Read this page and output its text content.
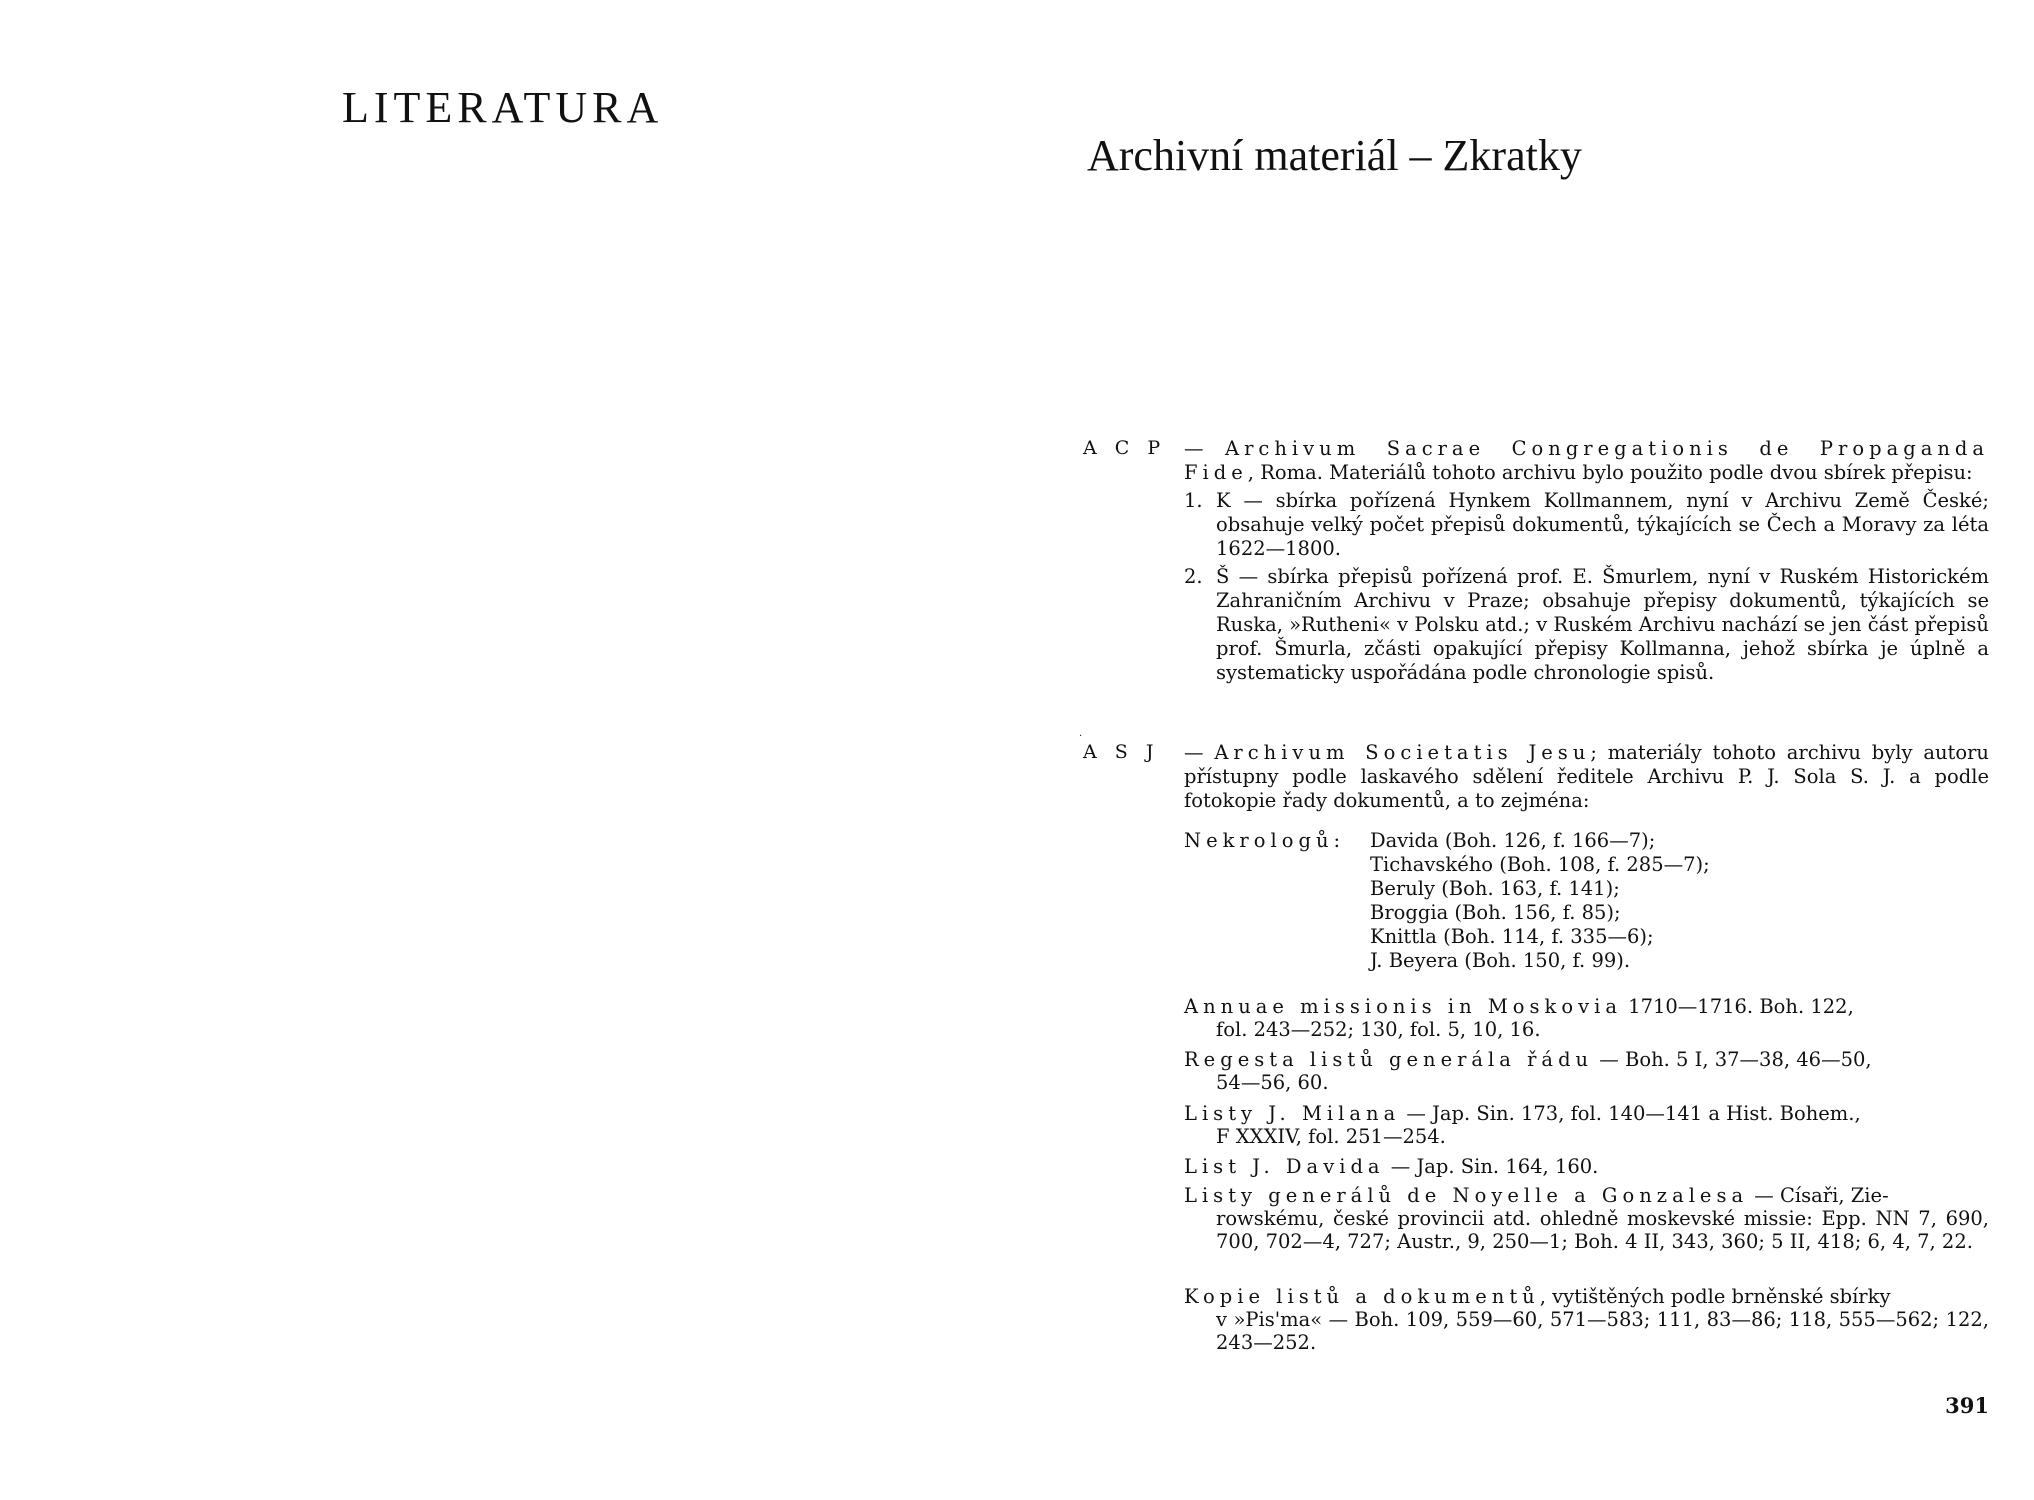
LITERATURA
Archivní materiál – Zkratky
A C P — Archivum Sacrae Congregationis de Propaganda Fide, Roma. Materiálů tohoto archivu bylo použito podle dvou sbírek přepisu:
1. K — sbírka pořízená Hynkem Kollmannem, nyní v Archivu Země České; obsahuje velký počet přepisů dokumentů, týkajících se Čech a Moravy za léta 1622—1800.
2. Š — sbírka přepisů pořízená prof. E. Šmurlem, nyní v Ruském Historickém Zahraničním Archivu v Praze; obsahuje přepisy dokumentů, týkajících se Ruska, »Rutheni« v Polsku atd.; v Ruském Archivu nachází se jen část přepisů prof. Šmurla, zčásti opakující přepisy Kollmanna, jehož sbírka je úplně a systematicky uspořádána podle chronologie spisů.
.
A S J — Archivum Societatis Jesu; materiály tohoto archivu byly autoru přístupny podle laskavého sdělení ředitele Archivu P. J. Sola S. J. a podle fotokopie řady dokumentů, a to zejména:
Nekrologů: Davida (Boh. 126, f. 166—7);
Tichavského (Boh. 108, f. 285—7);
Beruly (Boh. 163, f. 141);
Broggia (Boh. 156, f. 85);
Knittla (Boh. 114, f. 335—6);
J. Beyera (Boh. 150, f. 99).
Annuae missionis in Moskovia 1710—1716. Boh. 122,
fol. 243—252; 130, fol. 5, 10, 16.
Regesta listů generála řádu — Boh. 5 I, 37—38, 46—50,
54—56, 60.
Listy J. Milana — Jap. Sin. 173, fol. 140—141 a Hist. Bohem.,
F XXXIV, fol. 251—254.
List J. Davida — Jap. Sin. 164, 160.
Listy generálů de Noyelle a Gonzalesa — Císaři, Zie-
rowskému, české provincii atd. ohledně moskevské missie: Epp. NN 7, 690, 700, 702—4, 727; Austr., 9, 250—1; Boh. 4 II, 343, 360; 5 II, 418; 6, 4, 7, 22.
Kopie listů a dokumentů, vytištěných podle brněnské sbírky
v »Pis'ma« — Boh. 109, 559—60, 571—583; 111, 83—86; 118, 555—562; 122, 243—252.
391
